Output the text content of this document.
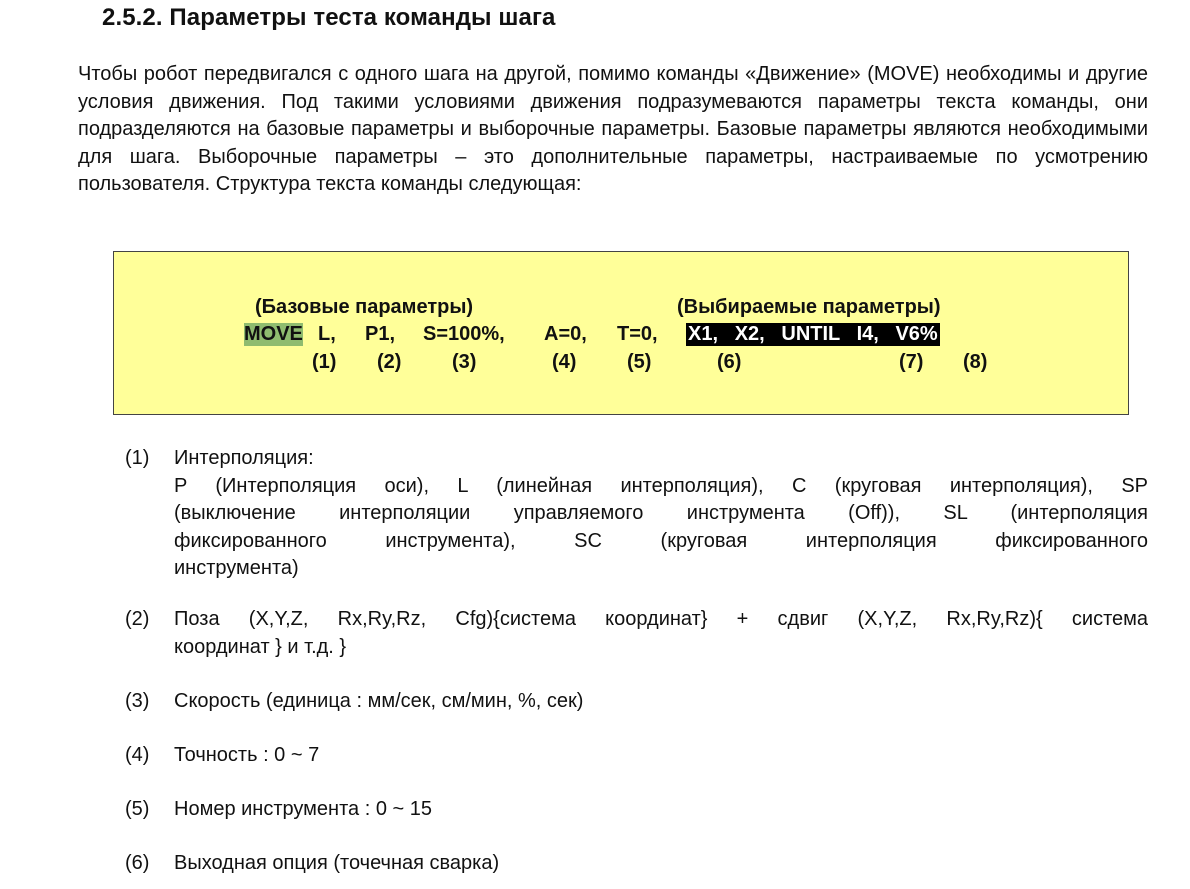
2.5.2. Параметры теста команды шага

Чтобы робот передвигался с одного шага на другой, помимо команды «Движение» (MOVE) необходимы и другие условия движения. Под такими условиями движения подразумеваются параметры текста команды, они подразделяются на базовые параметры и выборочные параметры. Базовые параметры являются необходимыми для шага. Выборочные параметры – это дополнительные параметры, настраиваемые по усмотрению пользователя. Структура текста команды следующая:

(Базовые параметры)	(Выбираемые параметры)
MOVE L, P1, S=100%, A=0, T=0, X1,   X2,   UNTIL   I4,   V6%
(1) (2)	(3)	(4)	(5)	(6)	(7) (8)
(1) Интерполяция:
P (Интерполяция оси), L (линейная интерполяция), C (круговая интерполяция), SP
(выключение интерполяции управляемого инструмента (Off)), SL (интерполяция
фиксированного инструмента), SC (круговая интерполяция фиксированного
инструмента)
(2) Поза (X,Y,Z, Rx,Ry,Rz, Cfg){система координат} + сдвиг (X,Y,Z, Rx,Ry,Rz){ система
координат } и т.д. }
(3) Скорость (единица : мм/сек, см/мин, %, сек)
(4) Точность : 0 ~ 7
(5) Номер инструмента : 0 ~ 15
(6) Выходная опция (точечная сварка)
